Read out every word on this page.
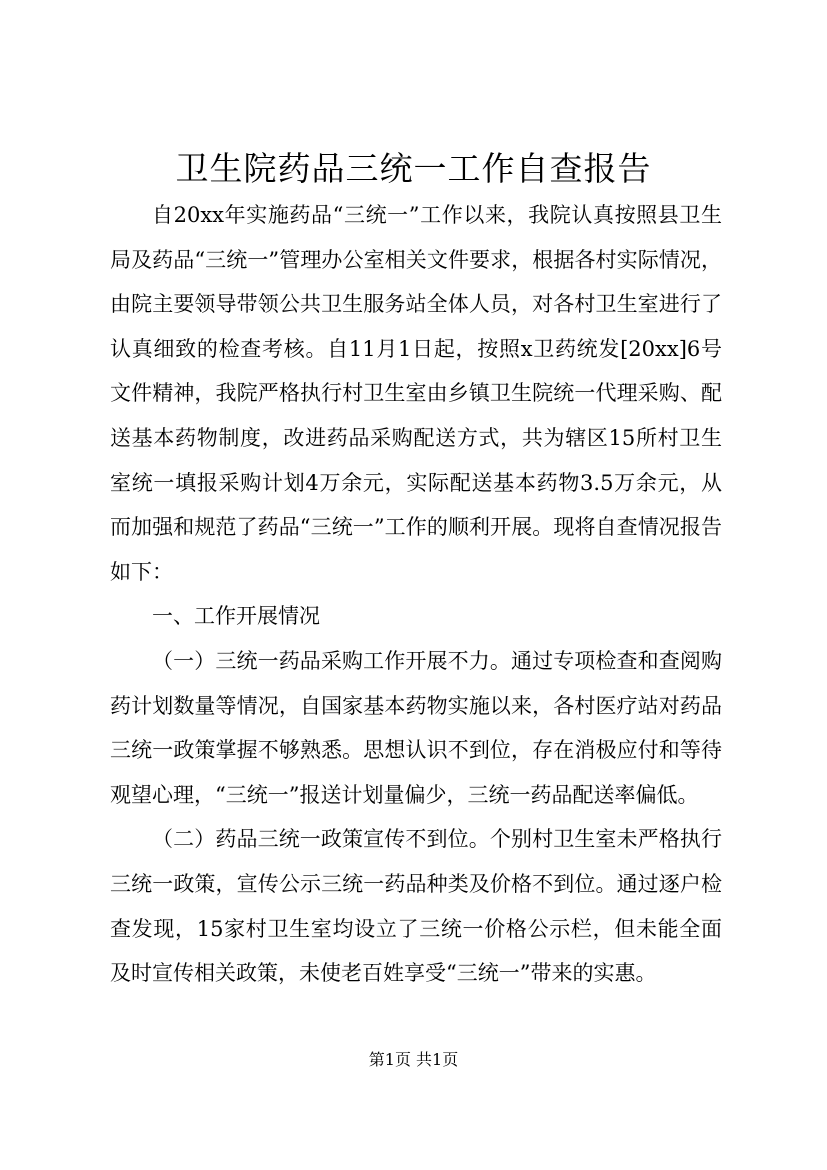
卫生院药品三统一工作自查报告

自20xx年实施药品“三统一”工作以来，我院认真按照县卫生局及药品“三统一”管理办公室相关文件要求，根据各村实际情况，由院主要领导带领公共卫生服务站全体人员，对各村卫生室进行了认真细致的检查考核。自11月1日起，按照x卫药统发[20xx]6号文件精神，我院严格执行村卫生室由乡镇卫生院统一代理采购、配送基本药物制度，改进药品采购配送方式，共为辖区15所村卫生室统一填报采购计划4万余元，实际配送基本药物3.5万余元，从而加强和规范了药品“三统一”工作的顺利开展。现将自查情况报告如下：

一、工作开展情况

（一）三统一药品采购工作开展不力。通过专项检查和查阅购药计划数量等情况，自国家基本药物实施以来，各村医疗站对药品三统一政策掌握不够熟悉。思想认识不到位，存在消极应付和等待观望心理，“三统一”报送计划量偏少，三统一药品配送率偏低。

（二）药品三统一政策宣传不到位。个别村卫生室未严格执行三统一政策，宣传公示三统一药品种类及价格不到位。通过逐户检查发现，15家村卫生室均设立了三统一价格公示栏，但未能全面及时宣传相关政策，未使老百姓享受“三统一”带来的实惠。

第1页 共1页
